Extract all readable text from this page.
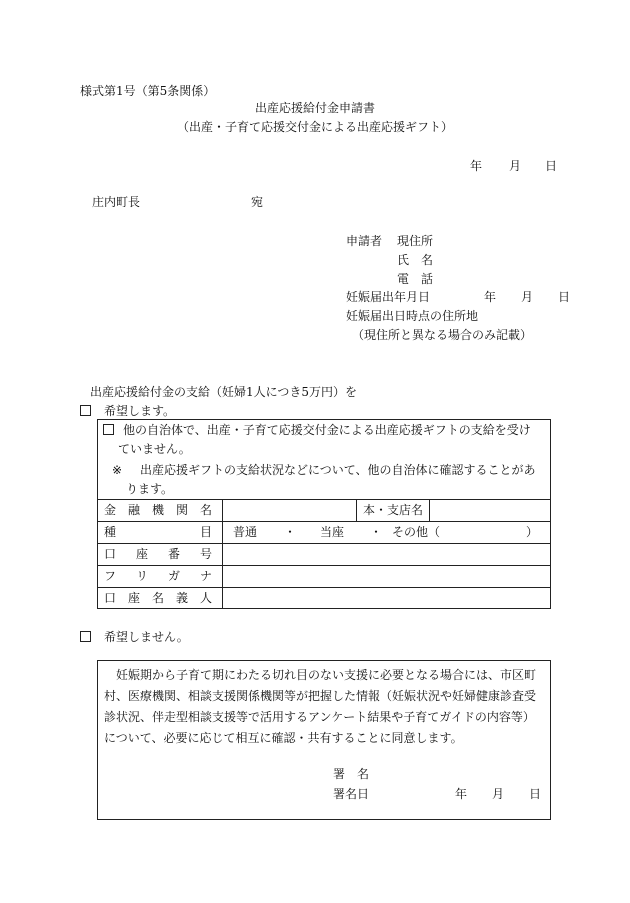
様式第1号（第5条関係）
出産応援給付金申請書
（出産・子育て応援交付金による出産応援ギフト）
年 月 日
庄内町長	宛
申請者 現住所
氏 名
電 話
妊娠届出年月日	年 月 日
妊娠届出日時点の住所地
（現住所と異なる場合のみ記載）
出産応援給付金の支給（妊婦1人につき5万円）を
希望します。
他の自治体で、出産・子育て応援交付金による出産応援ギフトの支給を受け
ていません。
※ 出産応援ギフトの支給状況などについて、他の自治体に確認することがあ
ります。
金 融 機 関 名	本・支店名
種	目 普通 ・ 当座 ・ その他（	）
口 座 番 号
フ リ ガ ナ
口 座 名 義 人
希望しません。
妊娠期から子育て期にわたる切れ目のない支援に必要となる場合には、市区町
村、医療機関、相談支援関係機関等が把握した情報（妊娠状況や妊婦健康診査受
診状況、伴走型相談支援等で活用するアンケート結果や子育てガイドの内容等）
について、必要に応じて相互に確認・共有することに同意します。
署 名
署名日	年 月 日
